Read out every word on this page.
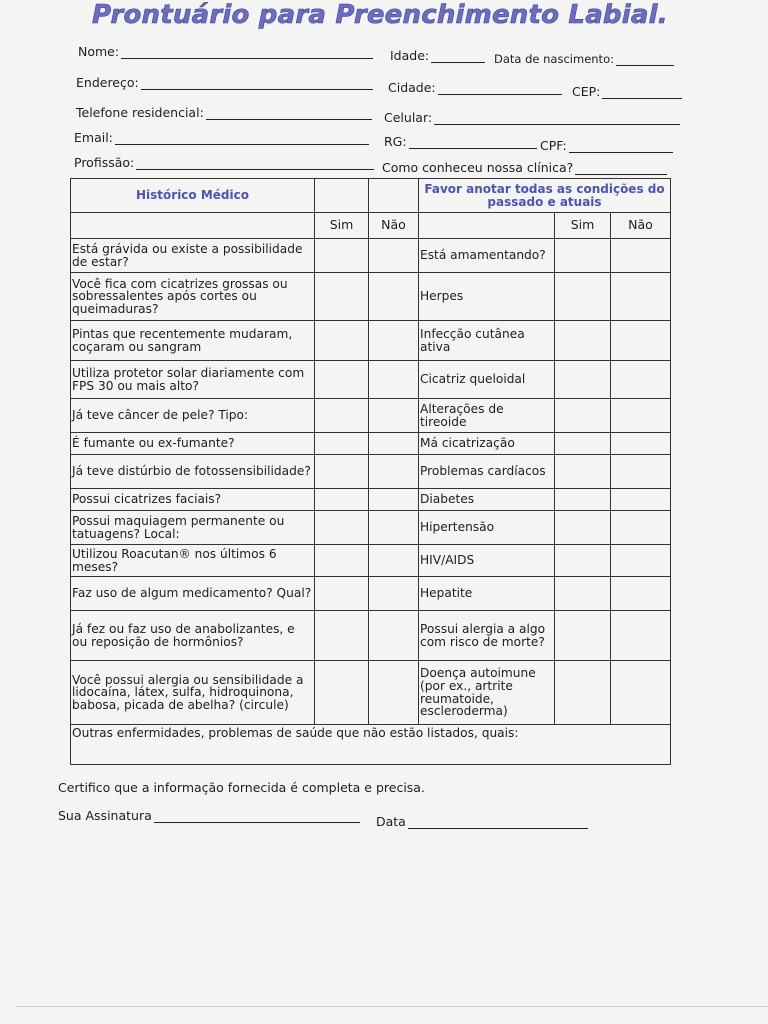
Prontuário para Preenchimento Labial.
Nome:	Idade:	Data de nascimento:
Endereço:	Cidade:	CEP:
Telefone residencial:	Celular:
Email:	RG:	CPF:
Profissão:	Como conheceu nossa clínica?
Histórico Médico			Favor anotar todas as condições do passado e atuais		
	Sim	Não		Sim	Não
Está grávida ou existe a possibilidade de estar?			Está amamentando?		
Você fica com cicatrizes grossas ou sobressalentes após cortes ou queimaduras?			Herpes		
Pintas que recentemente mudaram, coçaram ou sangram			Infecção cutânea ativa		
Utiliza protetor solar diariamente com FPS 30 ou mais alto?			Cicatriz queloidal		
Já teve câncer de pele? Tipo:			Alterações de tireoide		
É fumante ou ex-fumante?			Má cicatrização		
Já teve distúrbio de fotossensibilidade?			Problemas cardíacos		
Possui cicatrizes faciais?			Diabetes		
Possui maquiagem permanente ou tatuagens? Local:			Hipertensão		
Utilizou Roacutan® nos últimos 6 meses?			HIV/AIDS		
Faz uso de algum medicamento? Qual?			Hepatite		
Já fez ou faz uso de anabolizantes, e ou reposição de hormônios?			Possui alergia a algo com risco de morte?		
Você possui alergia ou sensibilidade a lidocaína, látex, sulfa, hidroquinona, babosa, picada de abelha? (circule)			Doença autoimune (por ex., artrite reumatoide, escleroderma)		
Outras enfermidades, problemas de saúde que não estão listados, quais:					
Certifico que a informação fornecida é completa e precisa.
Sua Assinatura	Data
